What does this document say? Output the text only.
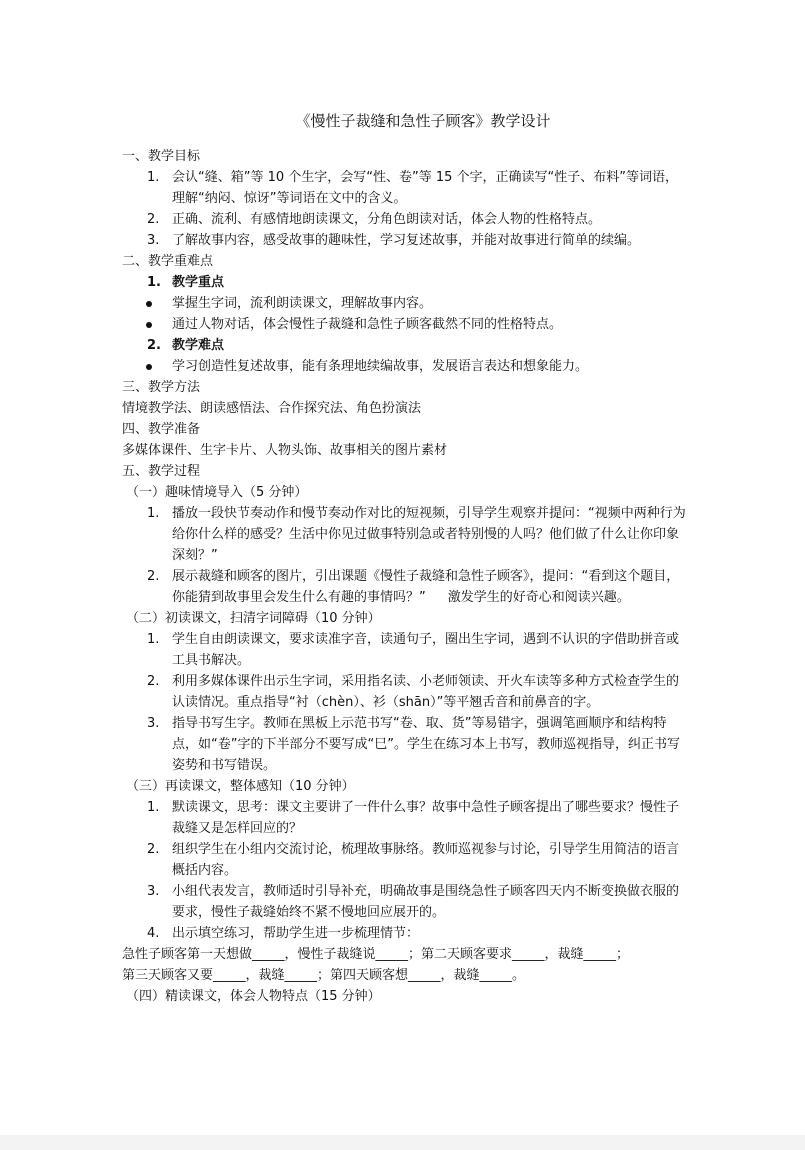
《慢性子裁缝和急性子顾客》教学设计

一、教学目标

1. 会认“缝、箱”等 10 个生字，会写“性、卷”等 15 个字，正确读写“性子、布料”等词语，理解“纳闷、惊讶”等词语在文中的含义。

2. 正确、流利、有感情地朗读课文，分角色朗读对话，体会人物的性格特点。

3. 了解故事内容，感受故事的趣味性，学习复述故事，并能对故事进行简单的续编。

二、教学重难点

1. 教学重点

掌握生字词，流利朗读课文，理解故事内容。

通过人物对话，体会慢性子裁缝和急性子顾客截然不同的性格特点。

2. 教学难点

学习创造性复述故事，能有条理地续编故事，发展语言表达和想象能力。

三、教学方法

情境教学法、朗读感悟法、合作探究法、角色扮演法

四、教学准备

多媒体课件、生字卡片、人物头饰、故事相关的图片素材

五、教学过程

（一）趣味情境导入（5 分钟）

1. 播放一段快节奏动作和慢节奏动作对比的短视频，引导学生观察并提问：“视频中两种行为给你什么样的感受？生活中你见过做事特别急或者特别慢的人吗？他们做了什么让你印象深刻？”

2. 展示裁缝和顾客的图片，引出课题《慢性子裁缝和急性子顾客》，提问：“看到这个题目，你能猜到故事里会发生什么有趣的事情吗？” 激发学生的好奇心和阅读兴趣。

（二）初读课文，扫清字词障碍（10 分钟）

1. 学生自由朗读课文，要求读准字音，读通句子，圈出生字词，遇到不认识的字借助拼音或工具书解决。

2. 利用多媒体课件出示生字词，采用指名读、小老师领读、开火车读等多种方式检查学生的认读情况。重点指导“衬（chèn）、衫（shān）”等平翘舌音和前鼻音的字。

3. 指导书写生字。教师在黑板上示范书写“卷、取、货”等易错字，强调笔画顺序和结构特点，如“卷”字的下半部分不要写成“巳”。学生在练习本上书写，教师巡视指导，纠正书写姿势和书写错误。

（三）再读课文，整体感知（10 分钟）

1. 默读课文，思考：课文主要讲了一件什么事？故事中急性子顾客提出了哪些要求？慢性子裁缝又是怎样回应的？

2. 组织学生在小组内交流讨论，梳理故事脉络。教师巡视参与讨论，引导学生用简洁的语言概括内容。

3. 小组代表发言，教师适时引导补充，明确故事是围绕急性子顾客四天内不断变换做衣服的要求，慢性子裁缝始终不紧不慢地回应展开的。

4. 出示填空练习，帮助学生进一步梳理情节：

急性子顾客第一天想做_____，慢性子裁缝说_____；第二天顾客要求_____，裁缝_____；

第三天顾客又要_____，裁缝_____；第四天顾客想_____，裁缝_____。

（四）精读课文，体会人物特点（15 分钟）
